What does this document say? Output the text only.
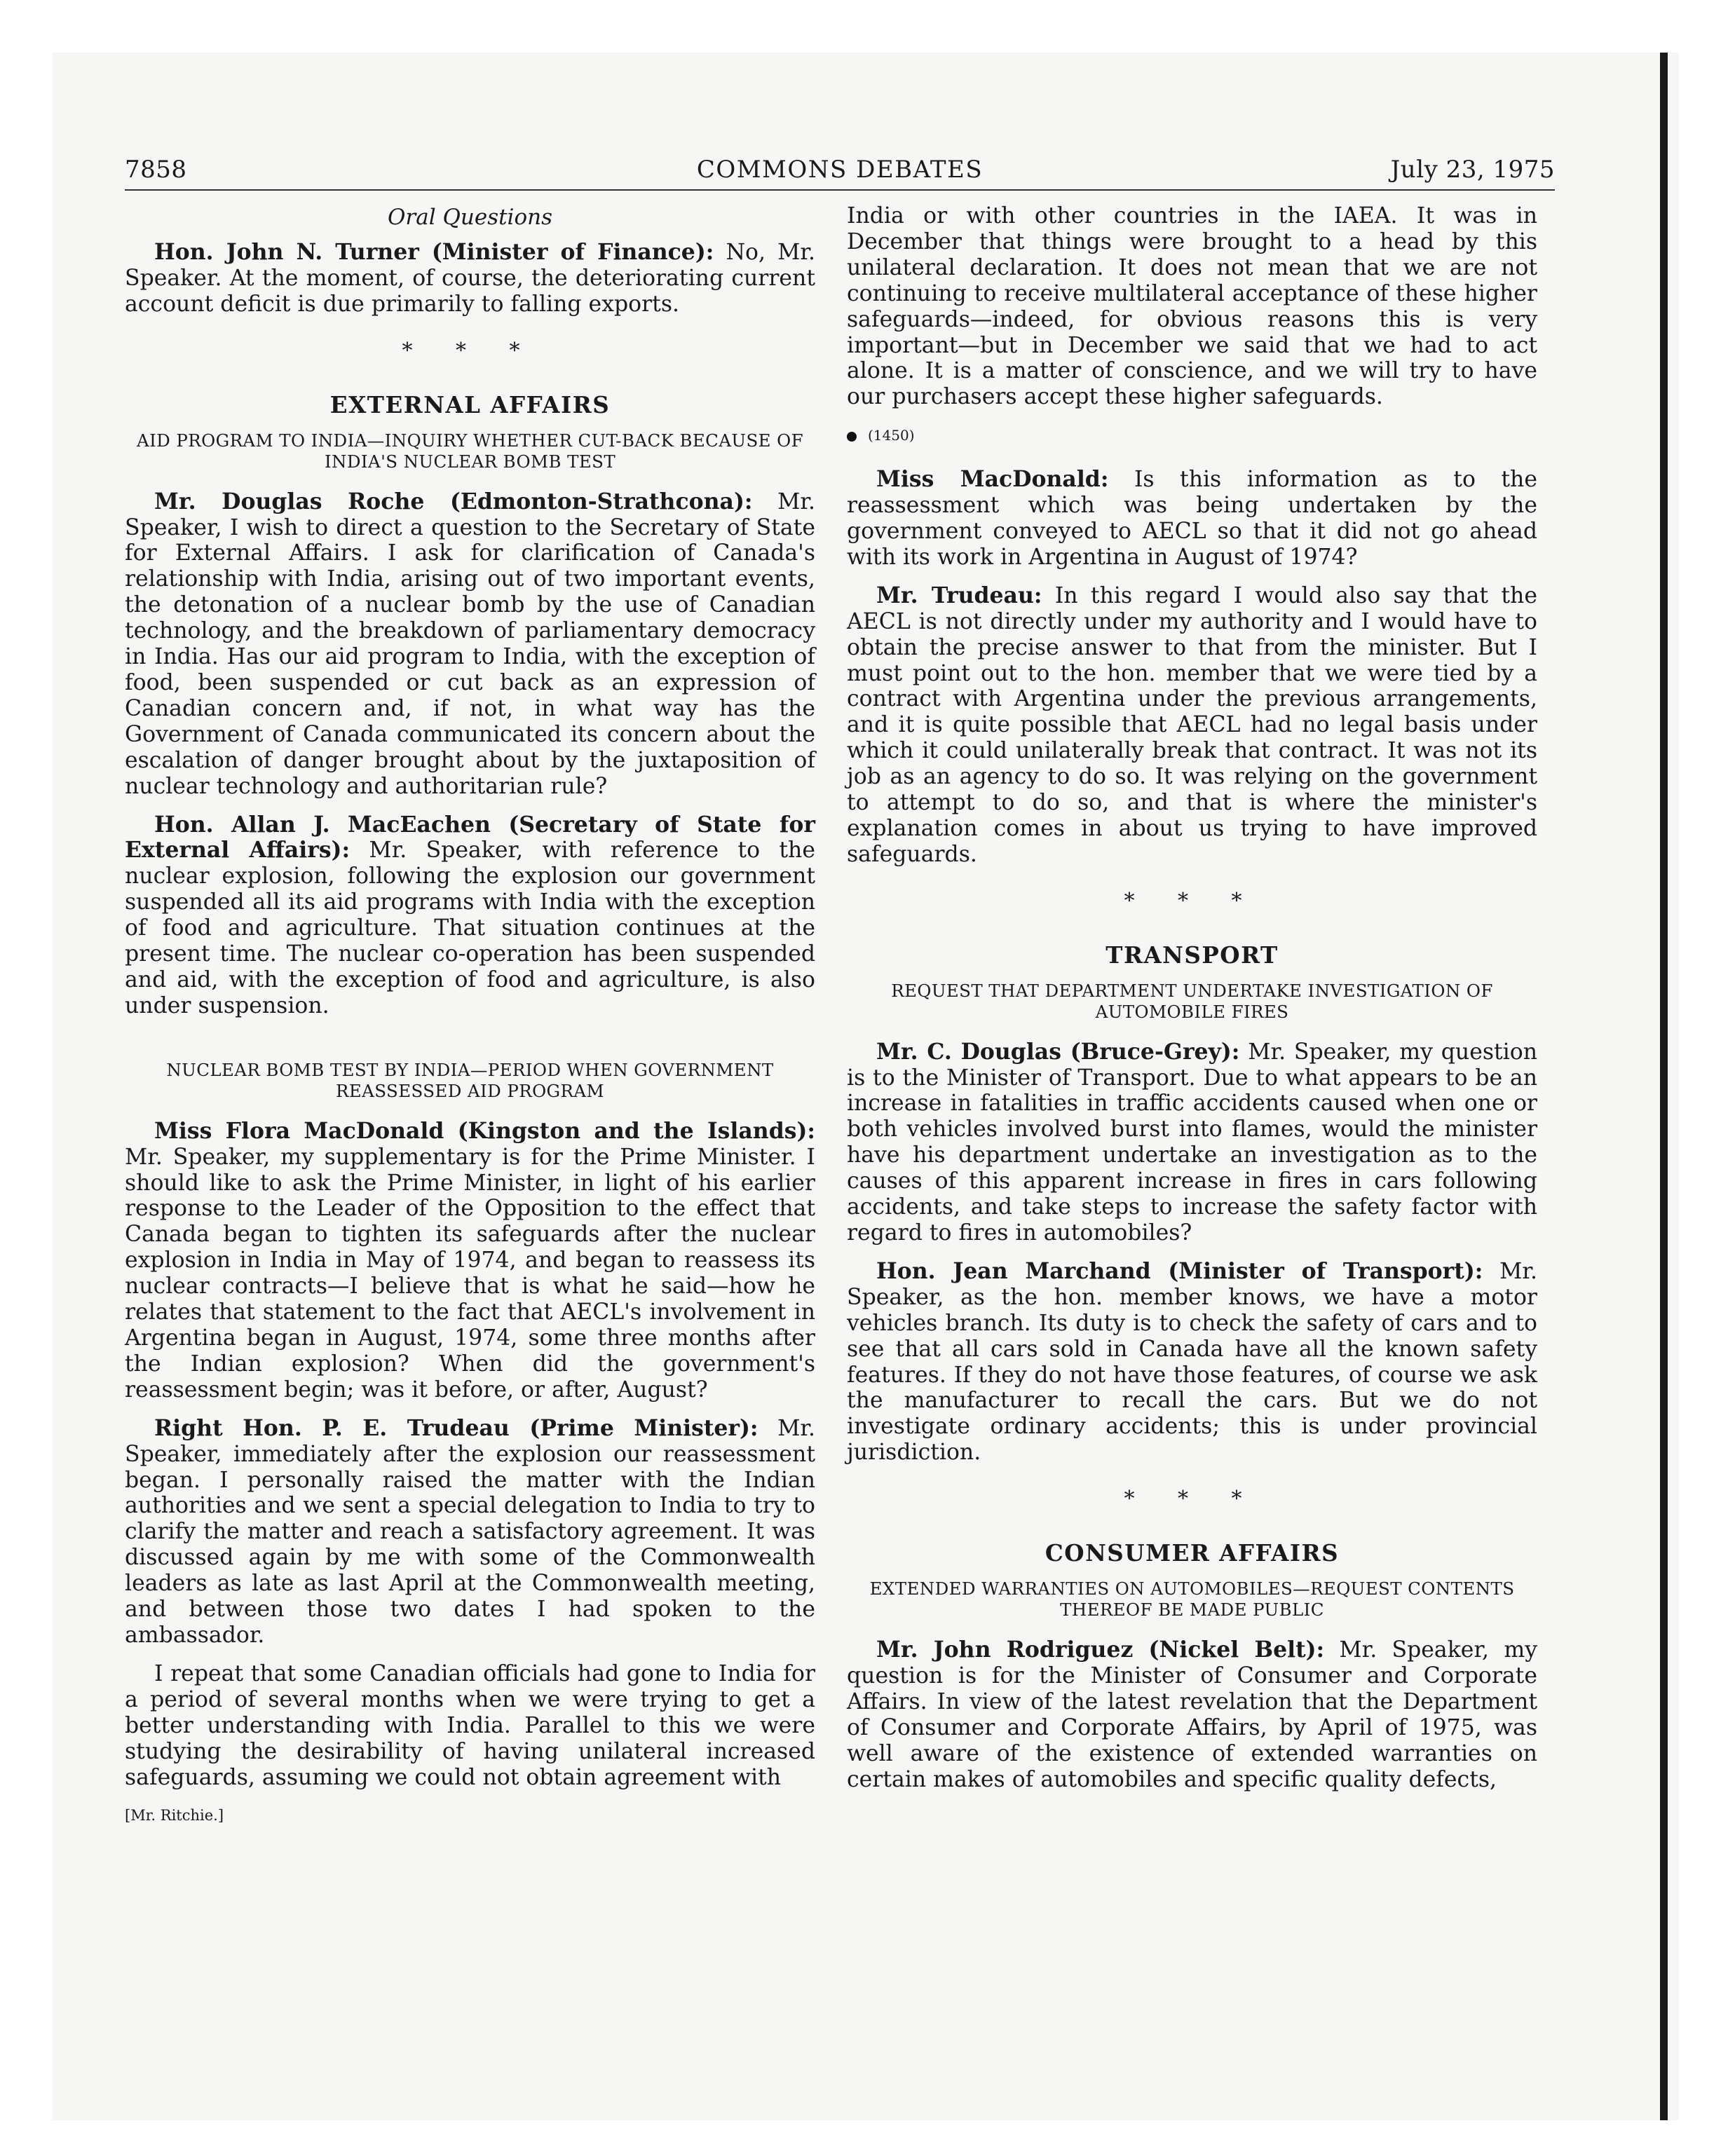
7858	COMMONS DEBATES	July 23, 1975
Oral Questions

Hon. John N. Turner (Minister of Finance): No, Mr. Speaker. At the moment, of course, the deteriorating current account deficit is due primarily to falling exports.

* * *
EXTERNAL AFFAIRS
AID PROGRAM TO INDIA—INQUIRY WHETHER CUT-BACK BECAUSE OF INDIA'S NUCLEAR BOMB TEST

Mr. Douglas Roche (Edmonton-Strathcona): Mr. Speaker, I wish to direct a question to the Secretary of State for External Affairs. I ask for clarification of Canada's relationship with India, arising out of two important events, the detonation of a nuclear bomb by the use of Canadian technology, and the breakdown of parliamentary democracy in India. Has our aid program to India, with the exception of food, been suspended or cut back as an expression of Canadian concern and, if not, in what way has the Government of Canada communicated its concern about the escalation of danger brought about by the juxtaposition of nuclear technology and authoritarian rule?

Hon. Allan J. MacEachen (Secretary of State for External Affairs): Mr. Speaker, with reference to the nuclear explosion, following the explosion our government suspended all its aid programs with India with the exception of food and agriculture. That situation continues at the present time. The nuclear co-operation has been suspended and aid, with the exception of food and agriculture, is also under suspension.

NUCLEAR BOMB TEST BY INDIA—PERIOD WHEN GOVERNMENT REASSESSED AID PROGRAM

Miss Flora MacDonald (Kingston and the Islands): Mr. Speaker, my supplementary is for the Prime Minister. I should like to ask the Prime Minister, in light of his earlier response to the Leader of the Opposition to the effect that Canada began to tighten its safeguards after the nuclear explosion in India in May of 1974, and began to reassess its nuclear contracts—I believe that is what he said—how he relates that statement to the fact that AECL's involvement in Argentina began in August, 1974, some three months after the Indian explosion? When did the government's reassessment begin; was it before, or after, August?

Right Hon. P. E. Trudeau (Prime Minister): Mr. Speaker, immediately after the explosion our reassessment began. I personally raised the matter with the Indian authorities and we sent a special delegation to India to try to clarify the matter and reach a satisfactory agreement. It was discussed again by me with some of the Commonwealth leaders as late as last April at the Commonwealth meeting, and between those two dates I had spoken to the ambassador.

I repeat that some Canadian officials had gone to India for a period of several months when we were trying to get a better understanding with India. Parallel to this we were studying the desirability of having unilateral increased safeguards, assuming we could not obtain agreement with

[Mr. Ritchie.]

India or with other countries in the IAEA. It was in December that things were brought to a head by this unilateral declaration. It does not mean that we are not continuing to receive multilateral acceptance of these higher safeguards—indeed, for obvious reasons this is very important—but in December we said that we had to act alone. It is a matter of conscience, and we will try to have our purchasers accept these higher safeguards.

(1450)

Miss MacDonald: Is this information as to the reassessment which was being undertaken by the government conveyed to AECL so that it did not go ahead with its work in Argentina in August of 1974?

Mr. Trudeau: In this regard I would also say that the AECL is not directly under my authority and I would have to obtain the precise answer to that from the minister. But I must point out to the hon. member that we were tied by a contract with Argentina under the previous arrangements, and it is quite possible that AECL had no legal basis under which it could unilaterally break that contract. It was not its job as an agency to do so. It was relying on the government to attempt to do so, and that is where the minister's explanation comes in about us trying to have improved safeguards.

* * *
TRANSPORT
REQUEST THAT DEPARTMENT UNDERTAKE INVESTIGATION OF AUTOMOBILE FIRES

Mr. C. Douglas (Bruce-Grey): Mr. Speaker, my question is to the Minister of Transport. Due to what appears to be an increase in fatalities in traffic accidents caused when one or both vehicles involved burst into flames, would the minister have his department undertake an investigation as to the causes of this apparent increase in fires in cars following accidents, and take steps to increase the safety factor with regard to fires in automobiles?

Hon. Jean Marchand (Minister of Transport): Mr. Speaker, as the hon. member knows, we have a motor vehicles branch. Its duty is to check the safety of cars and to see that all cars sold in Canada have all the known safety features. If they do not have those features, of course we ask the manufacturer to recall the cars. But we do not investigate ordinary accidents; this is under provincial jurisdiction.

* * *
CONSUMER AFFAIRS
EXTENDED WARRANTIES ON AUTOMOBILES—REQUEST CONTENTS THEREOF BE MADE PUBLIC

Mr. John Rodriguez (Nickel Belt): Mr. Speaker, my question is for the Minister of Consumer and Corporate Affairs. In view of the latest revelation that the Department of Consumer and Corporate Affairs, by April of 1975, was well aware of the existence of extended warranties on certain makes of automobiles and specific quality defects,
